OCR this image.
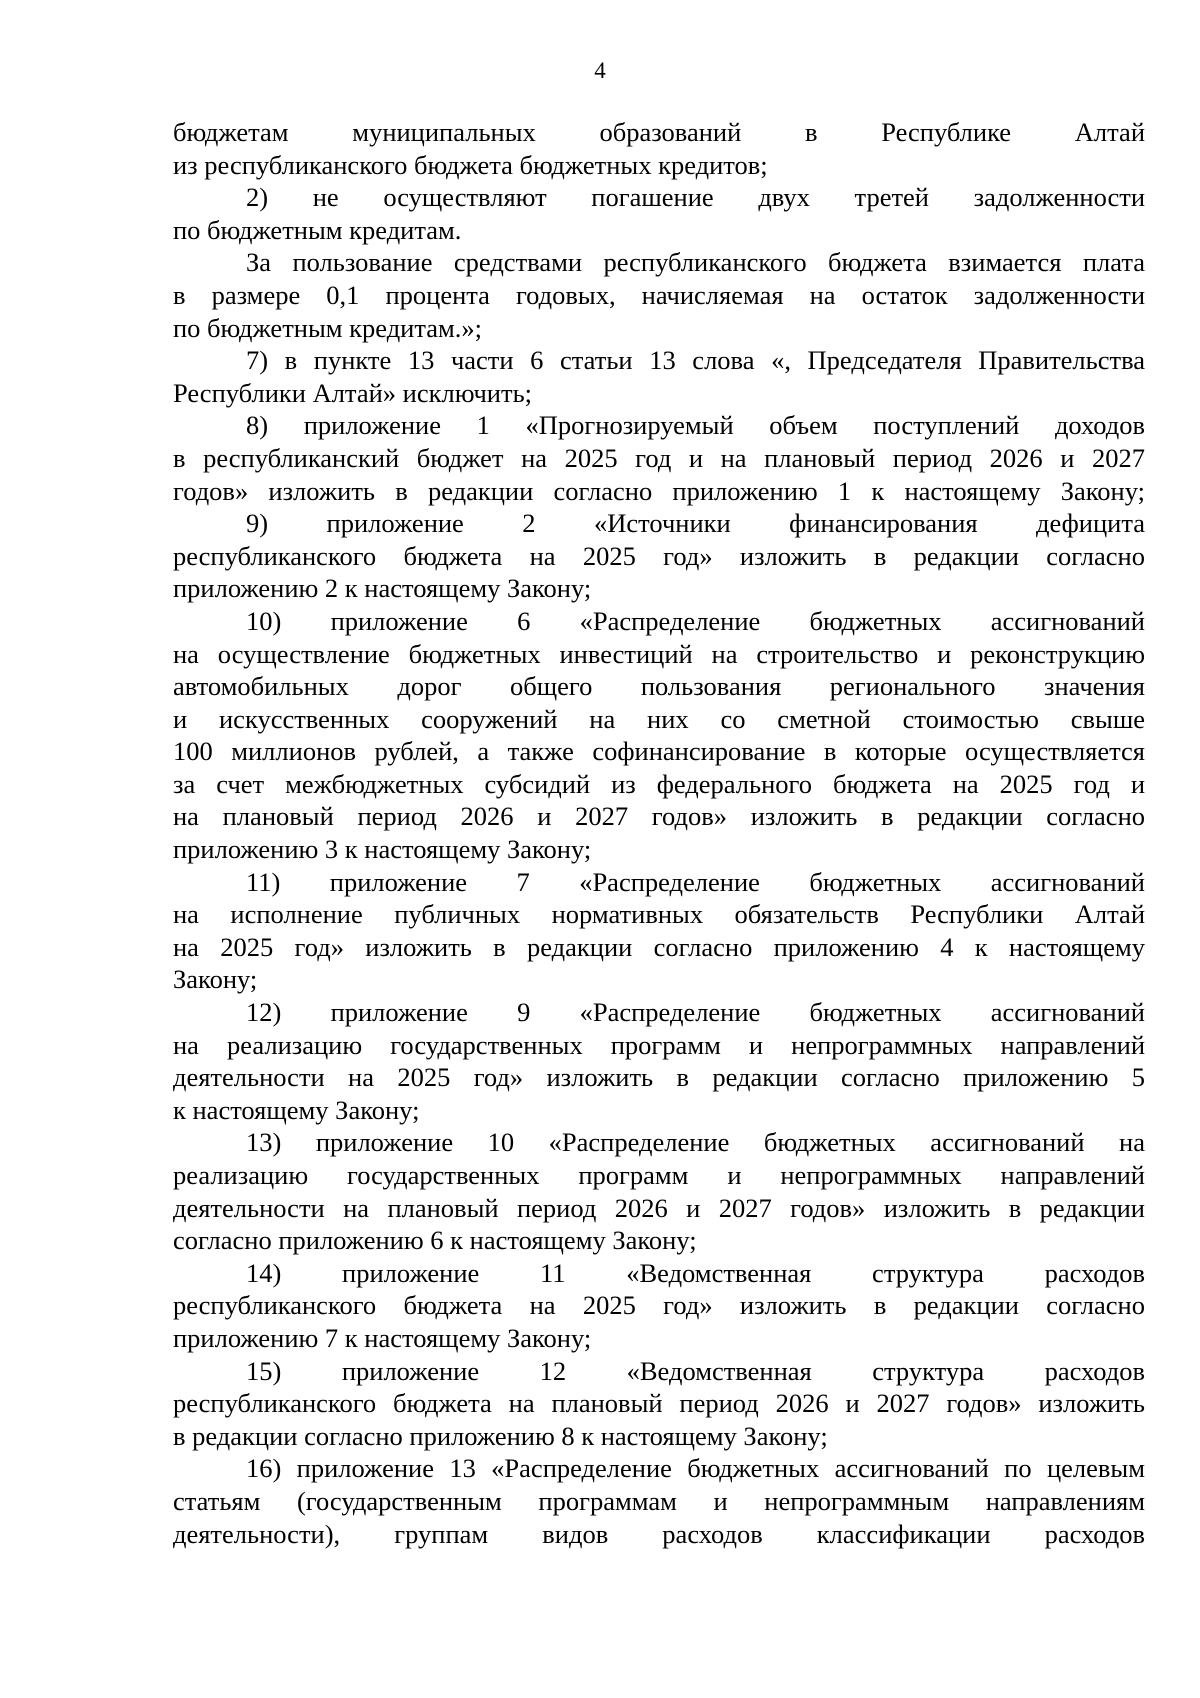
4
бюджетам муниципальных образований в Республике Алтай
из республиканского бюджета бюджетных кредитов;
2) не осуществляют погашение двух третей задолженности
по бюджетным кредитам.
За пользование средствами республиканского бюджета взимается плата
в размере 0,1 процента годовых, начисляемая на остаток задолженности
по бюджетным кредитам.»;
7) в пункте 13 части 6 статьи 13 слова «, Председателя Правительства
Республики Алтай» исключить;
8) приложение 1 «Прогнозируемый объем поступлений доходов
в республиканский бюджет на 2025 год и на плановый период 2026 и 2027
годов» изложить в редакции согласно приложению 1 к настоящему Закону;
9) приложение 2 «Источники финансирования дефицита
республиканского бюджета на 2025 год» изложить в редакции согласно
приложению 2 к настоящему Закону;
10) приложение 6 «Распределение бюджетных ассигнований
на осуществление бюджетных инвестиций на строительство и реконструкцию
автомобильных дорог общего пользования регионального значения
и искусственных сооружений на них со сметной стоимостью свыше
100 миллионов рублей, а также софинансирование в которые осуществляется
за счет межбюджетных субсидий из федерального бюджета на 2025 год и
на плановый период 2026 и 2027 годов» изложить в редакции согласно
приложению 3 к настоящему Закону;
11) приложение 7 «Распределение бюджетных ассигнований
на исполнение публичных нормативных обязательств Республики Алтай
на 2025 год» изложить в редакции согласно приложению 4 к настоящему
Закону;
12) приложение 9 «Распределение бюджетных ассигнований
на реализацию государственных программ и непрограммных направлений
деятельности на 2025 год» изложить в редакции согласно приложению 5
к настоящему Закону;
13) приложение 10 «Распределение бюджетных ассигнований на
реализацию государственных программ и непрограммных направлений
деятельности на плановый период 2026 и 2027 годов» изложить в редакции
согласно приложению 6 к настоящему Закону;
14) приложение 11 «Ведомственная структура расходов
республиканского бюджета на 2025 год» изложить в редакции согласно
приложению 7 к настоящему Закону;
15) приложение 12 «Ведомственная структура расходов
республиканского бюджета на плановый период 2026 и 2027 годов» изложить
в редакции согласно приложению 8 к настоящему Закону;
16) приложение 13 «Распределение бюджетных ассигнований по целевым
статьям (государственным программам и непрограммным направлениям
деятельности), группам видов расходов классификации расходов
